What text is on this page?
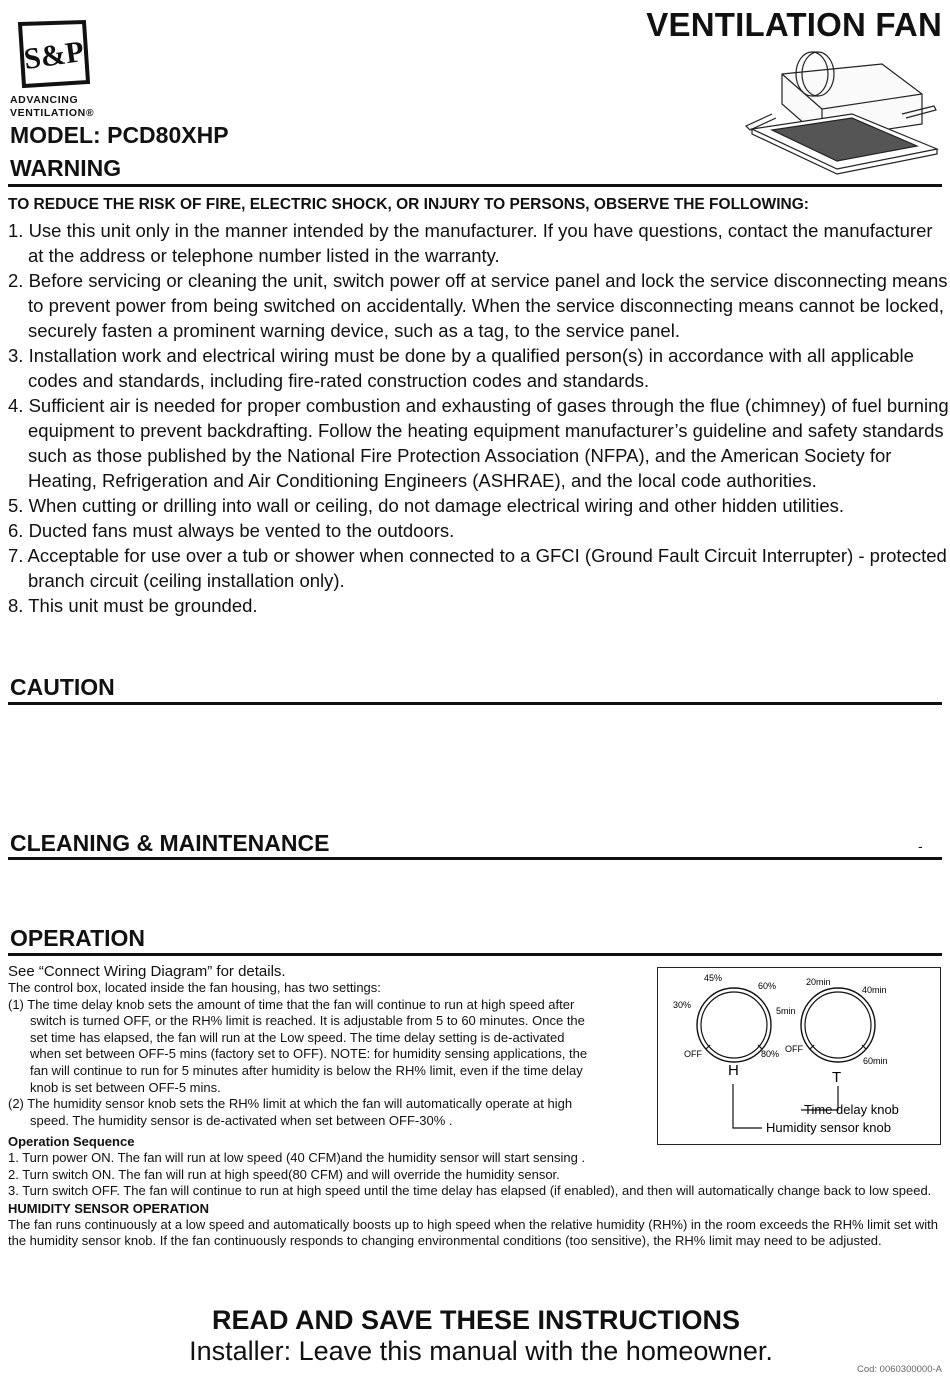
S&P
ADVANCING
VENTILATION®
VENTILATION FAN
MODEL: PCD80XHP
WARNING
TO REDUCE THE RISK OF FIRE, ELECTRIC SHOCK, OR INJURY TO PERSONS, OBSERVE THE FOLLOWING:
1. Use this unit only in the manner intended by the manufacturer. If you have questions, contact the manufacturer at the address or telephone number listed in the warranty.
2. Before servicing or cleaning the unit, switch power off at service panel and lock the service disconnecting means to prevent power from being switched on accidentally. When the service disconnecting means cannot be locked, securely fasten a prominent warning device, such as a tag, to the service panel.
3. Installation work and electrical wiring must be done by a qualified person(s) in accordance with all applicable codes and standards, including fire-rated construction codes and standards.
4. Sufficient air is needed for proper combustion and exhausting of gases through the flue (chimney) of fuel burning equipment to prevent backdrafting. Follow the heating equipment manufacturer’s guideline and safety standards such as those published by the National Fire Protection Association (NFPA), and the American Society for Heating, Refrigeration and Air Conditioning Engineers (ASHRAE), and the local code authorities.
5. When cutting or drilling into wall or ceiling, do not damage electrical wiring and other hidden utilities.
6. Ducted fans must always be vented to the outdoors.
7. Acceptable for use over a tub or shower when connected to a GFCI (Ground Fault Circuit Interrupter) - protected branch circuit (ceiling installation only).
8. This unit must be grounded.
CAUTION
CLEANING & MAINTENANCE	-
OPERATION
See “Connect Wiring Diagram” for details.

The control box, located inside the fan housing, has two settings:

(1) The time delay knob sets the amount of time that the fan will continue to run at high speed after switch is turned OFF, or the RH% limit is reached. It is adjustable from 5 to 60 minutes. Once the set time has elapsed, the fan will run at the Low speed. The time delay setting is de-activated when set between OFF-5 mins (factory set to OFF). NOTE: for humidity sensing applications, the fan will continue to run for 5 minutes after humidity is below the RH% limit, even if the time delay knob is set between OFF-5 mins.
(2) The humidity sensor knob sets the RH% limit at which the fan will automatically operate at high speed. The humidity sensor is de-activated when set between OFF-30% .
45%
60%
30%
OFF	80%
H
20min
40min
5min
OFF
60min
T
Time delay knob
Humidity sensor knob

Operation Sequence

1. Turn power ON. The fan will run at low speed (40 CFM)and the humidity sensor will start sensing .
2. Turn switch ON. The fan will run at high speed(80 CFM) and will override the humidity sensor.
3. Turn switch OFF. The fan will continue to run at high speed until the time delay has elapsed (if enabled), and then will automatically change back to low speed.

HUMIDITY SENSOR OPERATION

The fan runs continuously at a low speed and automatically boosts up to high speed when the relative humidity (RH%) in the room exceeds the RH% limit set with the humidity sensor knob. If the fan continuously responds to changing environmental conditions (too sensitive), the RH% limit may need to be adjusted.

READ AND SAVE THESE INSTRUCTIONS
Installer: Leave this manual with the homeowner.
Cod: 0060300000-A
